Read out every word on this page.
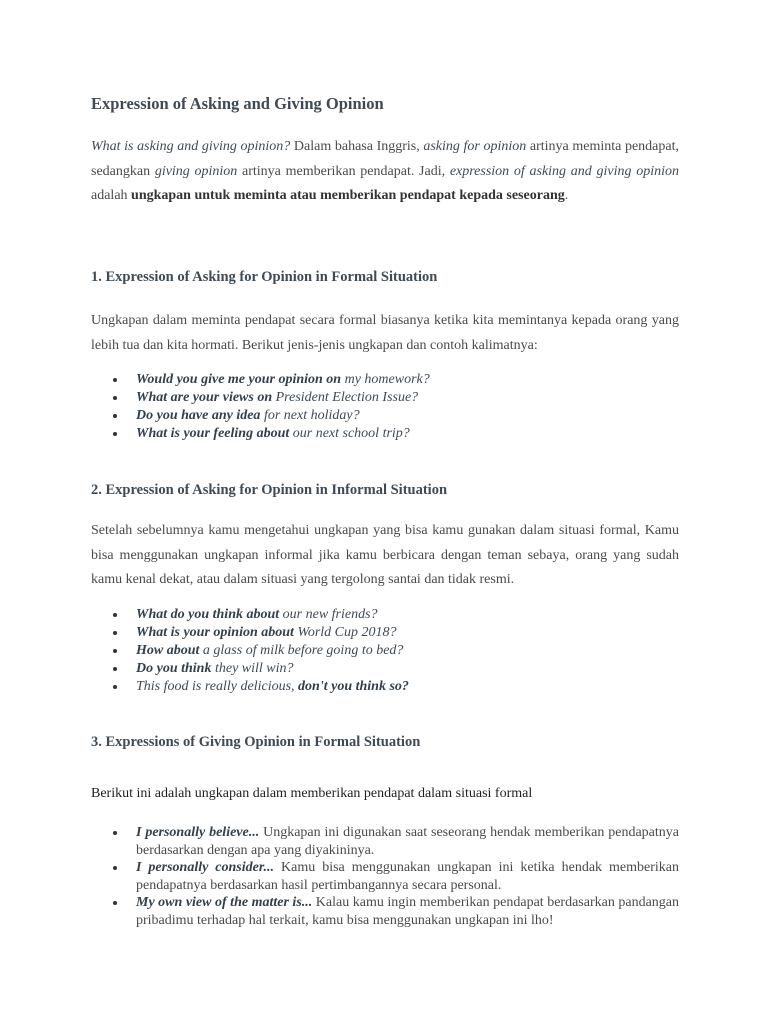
Expression of Asking and Giving Opinion

What is asking and giving opinion? Dalam bahasa Inggris, asking for opinion artinya meminta pendapat, sedangkan giving opinion artinya memberikan pendapat. Jadi, expression of asking and giving opinion adalah ungkapan untuk meminta atau memberikan pendapat kepada seseorang.

1. Expression of Asking for Opinion in Formal Situation

Ungkapan dalam meminta pendapat secara formal biasanya ketika kita memintanya kepada orang yang lebih tua dan kita hormati. Berikut jenis-jenis ungkapan dan contoh kalimatnya:

Would you give me your opinion on my homework?
What are your views on President Election Issue?
Do you have any idea for next holiday?
What is your feeling about our next school trip?
2. Expression of Asking for Opinion in Informal Situation

Setelah sebelumnya kamu mengetahui ungkapan yang bisa kamu gunakan dalam situasi formal, Kamu bisa menggunakan ungkapan informal jika kamu berbicara dengan teman sebaya, orang yang sudah kamu kenal dekat, atau dalam situasi yang tergolong santai dan tidak resmi.

What do you think about our new friends?
What is your opinion about World Cup 2018?
How about a glass of milk before going to bed?
Do you think they will win?
This food is really delicious, don't you think so?
3. Expressions of Giving Opinion in Formal Situation

Berikut ini adalah ungkapan dalam memberikan pendapat dalam situasi formal

I personally believe... Ungkapan ini digunakan saat seseorang hendak memberikan pendapatnya berdasarkan dengan apa yang diyakininya.
I personally consider... Kamu bisa menggunakan ungkapan ini ketika hendak memberikan pendapatnya berdasarkan hasil pertimbangannya secara personal.
My own view of the matter is... Kalau kamu ingin memberikan pendapat berdasarkan pandangan pribadimu terhadap hal terkait, kamu bisa menggunakan ungkapan ini lho!
